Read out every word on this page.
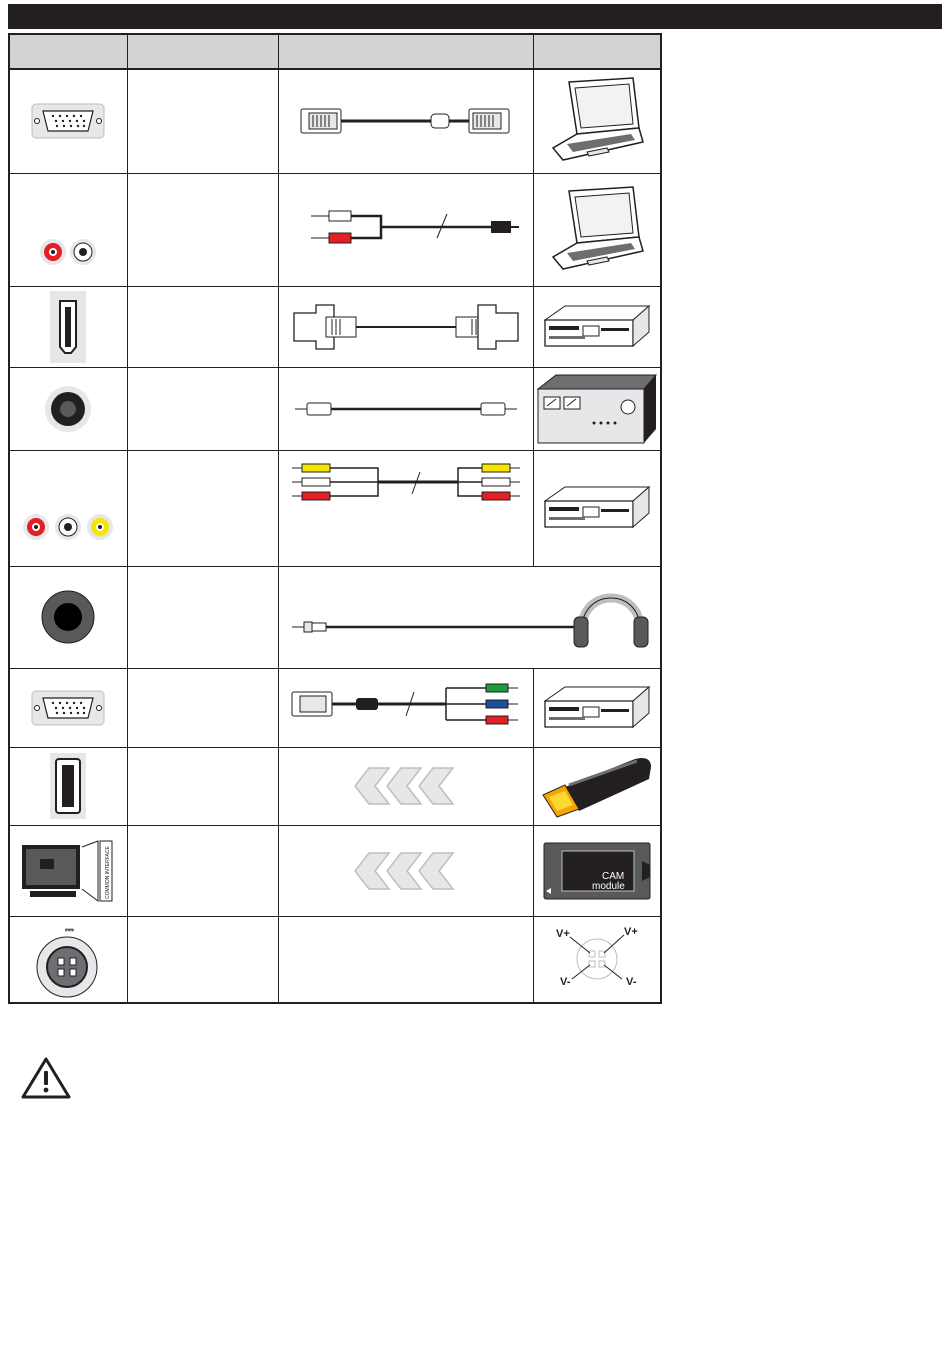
COMMON INTERFACE			CAM
module

⎓			V+ V+
V- V-
